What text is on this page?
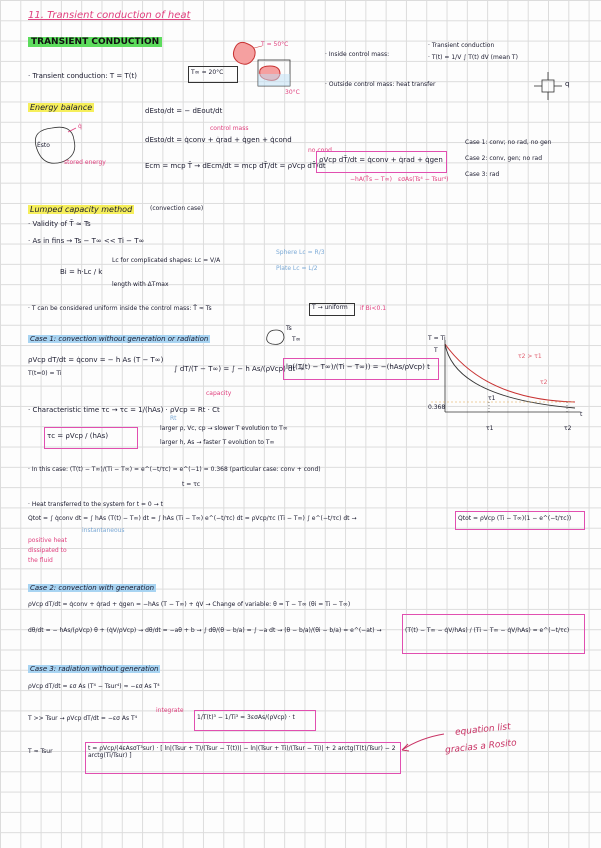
11. Transient conduction of heat
TRANSIENT CONDUCTION
· Transient conduction: T = T(t)	T∞ = 20°C
T = 50°C
30°C
· Inside control mass:
· Transient conduction
· T(t) = 1/V ∫ T(t) dV (mean T)
· Outside control mass: heat transfer	q
Energy balance
Ėsto
q̇
stored energy
dEsto/dt = − dEout/dt
control mass
dEsto/dt = q̇conv + q̇rad + q̇gen + q̇cond
no cond
Ecm = mcp T̄ → dEcm/dt = mcp dT̄/dt = ρVcp dT̄/dt
ρVcp dT̄/dt = q̇conv + q̇rad + q̇gen
−hA(T̄s − T∞) εσAs(Ts⁴ − Tsur⁴)
Case 1: conv; no rad, no gen
Case 2: conv, gen; no rad
Case 3: rad
Lumped capacity method	(convection case)
· Validity of T̄ ≈ Ts
· As in fins → Ts − T∞ << Ti − T∞
Bi = h·Lc / k
Lc for complicated shapes: Lc = V/A
length with ΔTmax
Sphere Lc = R/3
Plate Lc = L/2
· T can be considered uniform inside the control mass: T̄ ≈ Ts	T → uniform if Bi<0.1
Case 1: convection without generation or radiation
Ts
T∞
ρVcp dT/dt = q̇conv = − h As (T − T∞)
T(t=0) = Ti
∫ dT/(T − T∞) = ∫ − h As/(ρVcp) dt →
ln((T(t) − T∞)/(Ti − T∞)) = −(hAs/ρVcp) t
· Characteristic time τc → τc = 1/(hAs) · ρVcp = Rt · Ct
capacity
Rt
τc = ρVcp / (hAs)
larger ρ, Vc, cp → slower T evolution to T∞
larger h, As → faster T evolution to T∞
· In this case: (T(t) − T∞)/(Ti − T∞) = e^(−t/τc) = e^(−1) = 0.368 (particular case: conv + cond)
t = τc
· Heat transferred to the system for t = 0 → t
Qtot = ∫ q̇conv dt = ∫ hAs (T(t) − T∞) dt = ∫ hAs (Ti − T∞) e^(−t/τc) dt = ρVcp/τc (Ti − T∞) ∫ e^(−t/τc) dt →
instantaneous
positive heat
dissipated to
the fluid
Qtot = ρVcp (Ti − T∞)(1 − e^(−t/τc))
T = Ti
T
τ2 > τ1
τ2
τ1
0.368
τ1	τ2
t
Case 2: convection with generation
ρVcp dT/dt = q̇conv + q̇rad + q̇gen = −hAs (T − T∞) + q̇V → Change of variable: θ = T − T∞ (θi = Ti − T∞)
dθ/dt = − hAs/(ρVcp) θ + (q̇V/ρVcp) → dθ/dt = −aθ + b → ∫ dθ/(θ − b/a) = ∫ −a dt → (θ − b/a)/(θi − b/a) = e^(−at) →	(T(t) − T∞ − q̇V/hAs) / (Ti − T∞ − q̇V/hAs) = e^(−t/τc)
Case 3: radiation without generation
ρVcp dT/dt = εσ As (T⁴ − Tsur⁴) ≈ −εσ As T⁴
T >> Tsur → ρVcp dT/dt = −εσ As T⁴
integrate
1/T(t)³ − 1/Ti³ = 3εσAs/(ρVcp) · t
T ≈ Tsur	t = ρVcp/(4εAsσT³sur) · [ ln|(Tsur + T)/(Tsur − T(t))| − ln|(Tsur + Ti)/(Tsur − Ti)| + 2 arctg(T(t)/Tsur) − 2 arctg(Ti/Tsur) ]
equation list
gracias a Rosito
